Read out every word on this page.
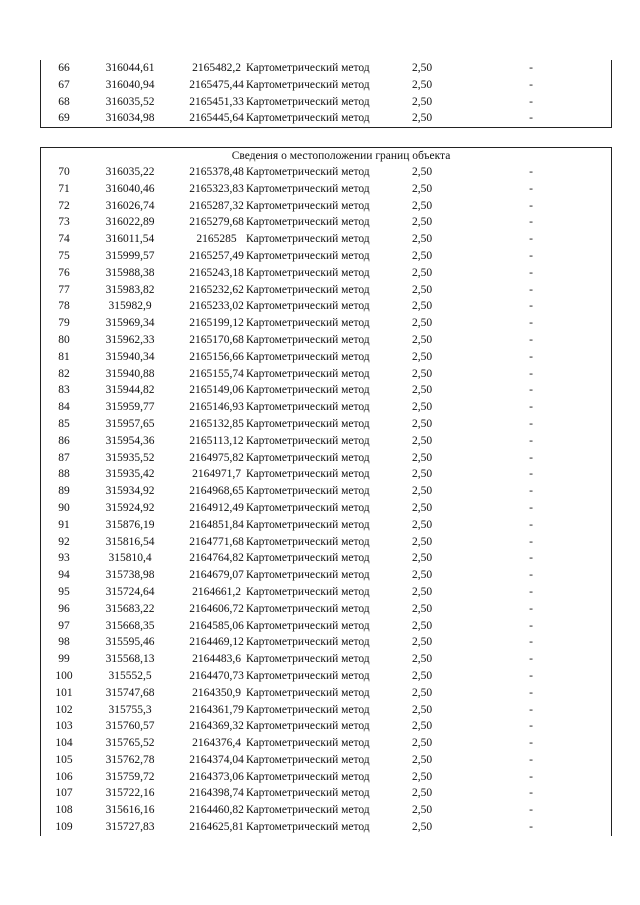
66	316044,61	2165482,2 Картометрический метод	2,50	-
67	316040,94	2165475,44 Картометрический метод	2,50	-
68	316035,52	2165451,33 Картометрический метод	2,50	-
69	316034,98	2165445,64 Картометрический метод	2,50	-
Сведения о местоположении границ объекта
70	316035,22	2165378,48 Картометрический метод	2,50	-
71	316040,46	2165323,83 Картометрический метод	2,50	-
72	316026,74	2165287,32 Картометрический метод	2,50	-
73	316022,89	2165279,68 Картометрический метод	2,50	-
74	316011,54	2165285 Картометрический метод	2,50	-
75	315999,57	2165257,49 Картометрический метод	2,50	-
76	315988,38	2165243,18 Картометрический метод	2,50	-
77	315983,82	2165232,62 Картометрический метод	2,50	-
78	315982,9	2165233,02 Картометрический метод	2,50	-
79	315969,34	2165199,12 Картометрический метод	2,50	-
80	315962,33	2165170,68 Картометрический метод	2,50	-
81	315940,34	2165156,66 Картометрический метод	2,50	-
82	315940,88	2165155,74 Картометрический метод	2,50	-
83	315944,82	2165149,06 Картометрический метод	2,50	-
84	315959,77	2165146,93 Картометрический метод	2,50	-
85	315957,65	2165132,85 Картометрический метод	2,50	-
86	315954,36	2165113,12 Картометрический метод	2,50	-
87	315935,52	2164975,82 Картометрический метод	2,50	-
88	315935,42	2164971,7 Картометрический метод	2,50	-
89	315934,92	2164968,65 Картометрический метод	2,50	-
90	315924,92	2164912,49 Картометрический метод	2,50	-
91	315876,19	2164851,84 Картометрический метод	2,50	-
92	315816,54	2164771,68 Картометрический метод	2,50	-
93	315810,4	2164764,82 Картометрический метод	2,50	-
94	315738,98	2164679,07 Картометрический метод	2,50	-
95	315724,64	2164661,2 Картометрический метод	2,50	-
96	315683,22	2164606,72 Картометрический метод	2,50	-
97	315668,35	2164585,06 Картометрический метод	2,50	-
98	315595,46	2164469,12 Картометрический метод	2,50	-
99	315568,13	2164483,6 Картометрический метод	2,50	-
100	315552,5	2164470,73 Картометрический метод	2,50	-
101	315747,68	2164350,9 Картометрический метод	2,50	-
102	315755,3	2164361,79 Картометрический метод	2,50	-
103	315760,57	2164369,32 Картометрический метод	2,50	-
104	315765,52	2164376,4 Картометрический метод	2,50	-
105	315762,78	2164374,04 Картометрический метод	2,50	-
106	315759,72	2164373,06 Картометрический метод	2,50	-
107	315722,16	2164398,74 Картометрический метод	2,50	-
108	315616,16	2164460,82 Картометрический метод	2,50	-
109	315727,83	2164625,81 Картометрический метод	2,50	-
